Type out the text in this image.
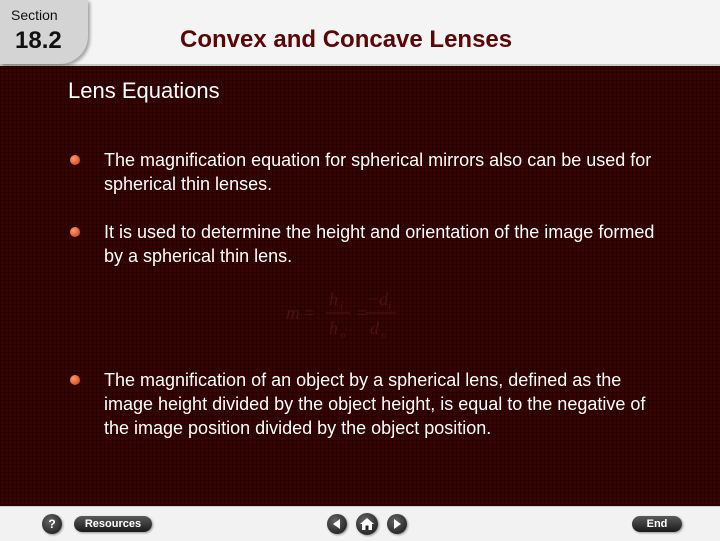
Section
18.2	Convex and Concave Lenses
Lens Equations
The magnification equation for spherical mirrors also can be used for spherical thin lenses.
It is used to determine the height and orientation of the image formed by a spherical thin lens.
m =
h i
h o
=
−d i
d o
The magnification of an object by a spherical lens, defined as the image height divided by the object height, is equal to the negative of the image position divided by the object position.
?	Resources	End
